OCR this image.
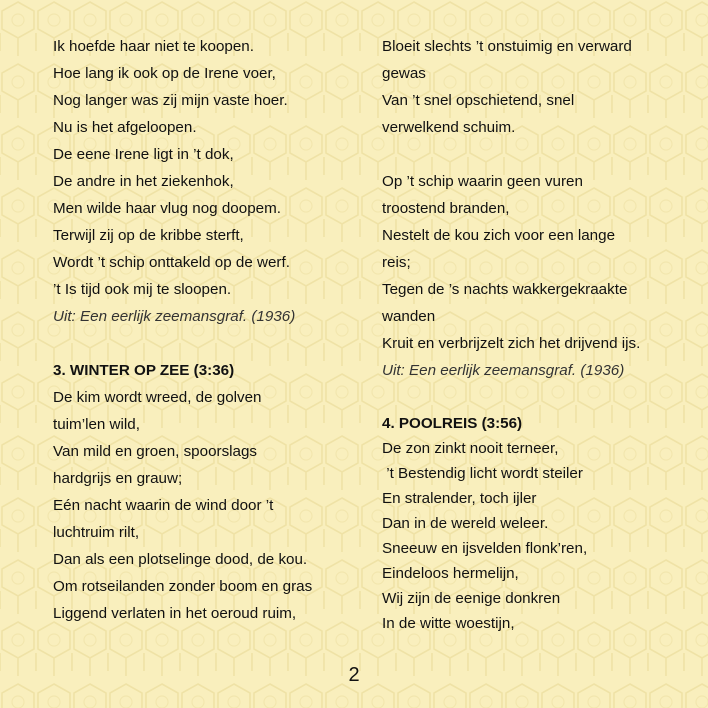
Ik hoefde haar niet te koopen.
Hoe lang ik ook op de Irene voer,
Nog langer was zij mijn vaste hoer.
Nu is het afgeloopen.
De eene Irene ligt in ’t dok,
De andre in het ziekenhok,
Men wilde haar vlug nog doopem.
Terwijl zij op de kribbe sterft,
Wordt ’t schip onttakeld op de werf.
’t Is tijd ook mij te sloopen.
Uit: Een eerlijk zeemansgraf. (1936)
3. WINTER OP ZEE (3:36)
De kim wordt wreed, de golven
tuim’len wild,
Van mild en groen, spoorslags
hardgrijs en grauw;
Eén nacht waarin de wind door ’t
luchtruim rilt,
Dan als een plotselinge dood, de kou.
Om rotseilanden zonder boom en gras
Liggend verlaten in het oeroud ruim,
Bloeit slechts ’t onstuimig en verward
gewas
Van ’t snel opschietend, snel
verwelkend schuim.
Op ’t schip waarin geen vuren
troostend branden,
Nestelt de kou zich voor een lange
reis;
Tegen de ’s nachts wakkergekraakte
wanden
Kruit en verbrijzelt zich het drijvend ijs.
Uit: Een eerlijk zeemansgraf. (1936)
4. POOLREIS (3:56)
De zon zinkt nooit terneer,
’t Bestendig licht wordt steiler
En stralender, toch ijler
Dan in de wereld weleer.
Sneeuw en ijsvelden flonk’ren,
Eindeloos hermelijn,
Wij zijn de eenige donkren
In de witte woestijn,
2
